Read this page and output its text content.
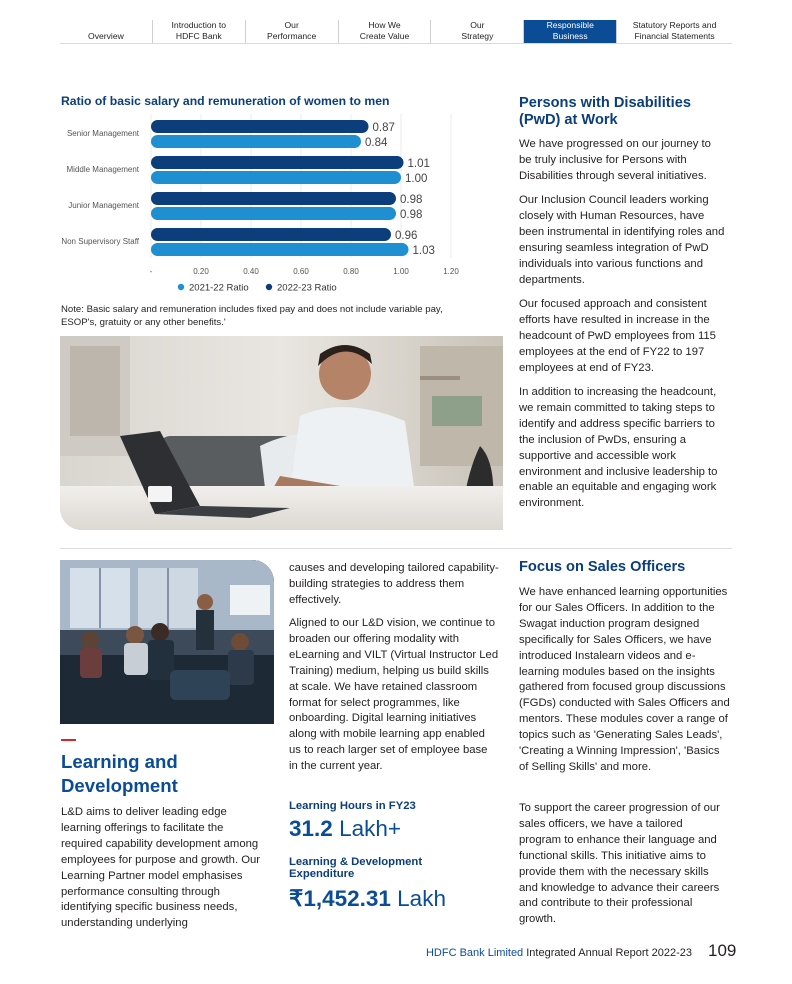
Overview
Introduction to
HDFC Bank
Our
Performance
How We
Create Value
Our
Strategy
Responsible
Business
Statutory Reports and
Financial Statements
Ratio of basic salary and remuneration of women to men
-	0.20	0.40	0.60	0.80	1.00	1.20
Senior Management	0.87
0.84
Middle Management	1.01
1.00
Junior Management	0.98
0.98
Non Supervisory Staff	0.96
1.03
2021-22 Ratio	2022-23 Ratio
Note: Basic salary and remuneration includes fixed pay and does not include variable pay, ESOP's, gratuity or any other benefits.'
Persons with Disabilities (PwD) at Work
We have progressed on our journey to be truly inclusive for Persons with Disabilities through several initiatives.
Our Inclusion Council leaders working closely with Human Resources, have been instrumental in identifying roles and ensuring seamless integration of PwD individuals into various functions and departments.
Our focused approach and consistent efforts have resulted in increase in the headcount of PwD employees from 115 employees at the end of FY22 to 197 employees at end of FY23.
In addition to increasing the headcount, we remain committed to taking steps to identify and address specific barriers to the inclusion of PwDs, ensuring a supportive and accessible work environment and inclusive leadership to enable an equitable and engaging work environment.
Learning and Development
L&D aims to deliver leading edge learning offerings to facilitate the required capability development among employees for purpose and growth. Our Learning Partner model emphasises performance consulting through identifying specific business needs, understanding underlying
causes and developing tailored capability-building strategies to address them effectively.
Aligned to our L&D vision, we continue to broaden our offering modality with eLearning and VILT (Virtual Instructor Led Training) medium, helping us build skills at scale. We have retained classroom format for select programmes, like onboarding. Digital learning initiatives along with mobile learning app enabled us to reach larger set of employee base in the current year.
Learning Hours in FY23
31.2 Lakh+
Learning & Development Expenditure
₹1,452.31 Lakh
Focus on Sales Officers
We have enhanced learning opportunities for our Sales Officers. In addition to the Swagat induction program designed specifically for Sales Officers, we have introduced Instalearn videos and e-learning modules based on the insights gathered from focused group discussions (FGDs) conducted with Sales Officers and mentors. These modules cover a range of topics such as 'Generating Sales Leads', 'Creating a Winning Impression', 'Basics of Selling Skills' and more.
To support the career progression of our sales officers, we have a tailored program to enhance their language and functional skills. This initiative aims to provide them with the necessary skills and knowledge to advance their careers and contribute to their professional growth.
HDFC Bank Limited Integrated Annual Report 2022-23 109
